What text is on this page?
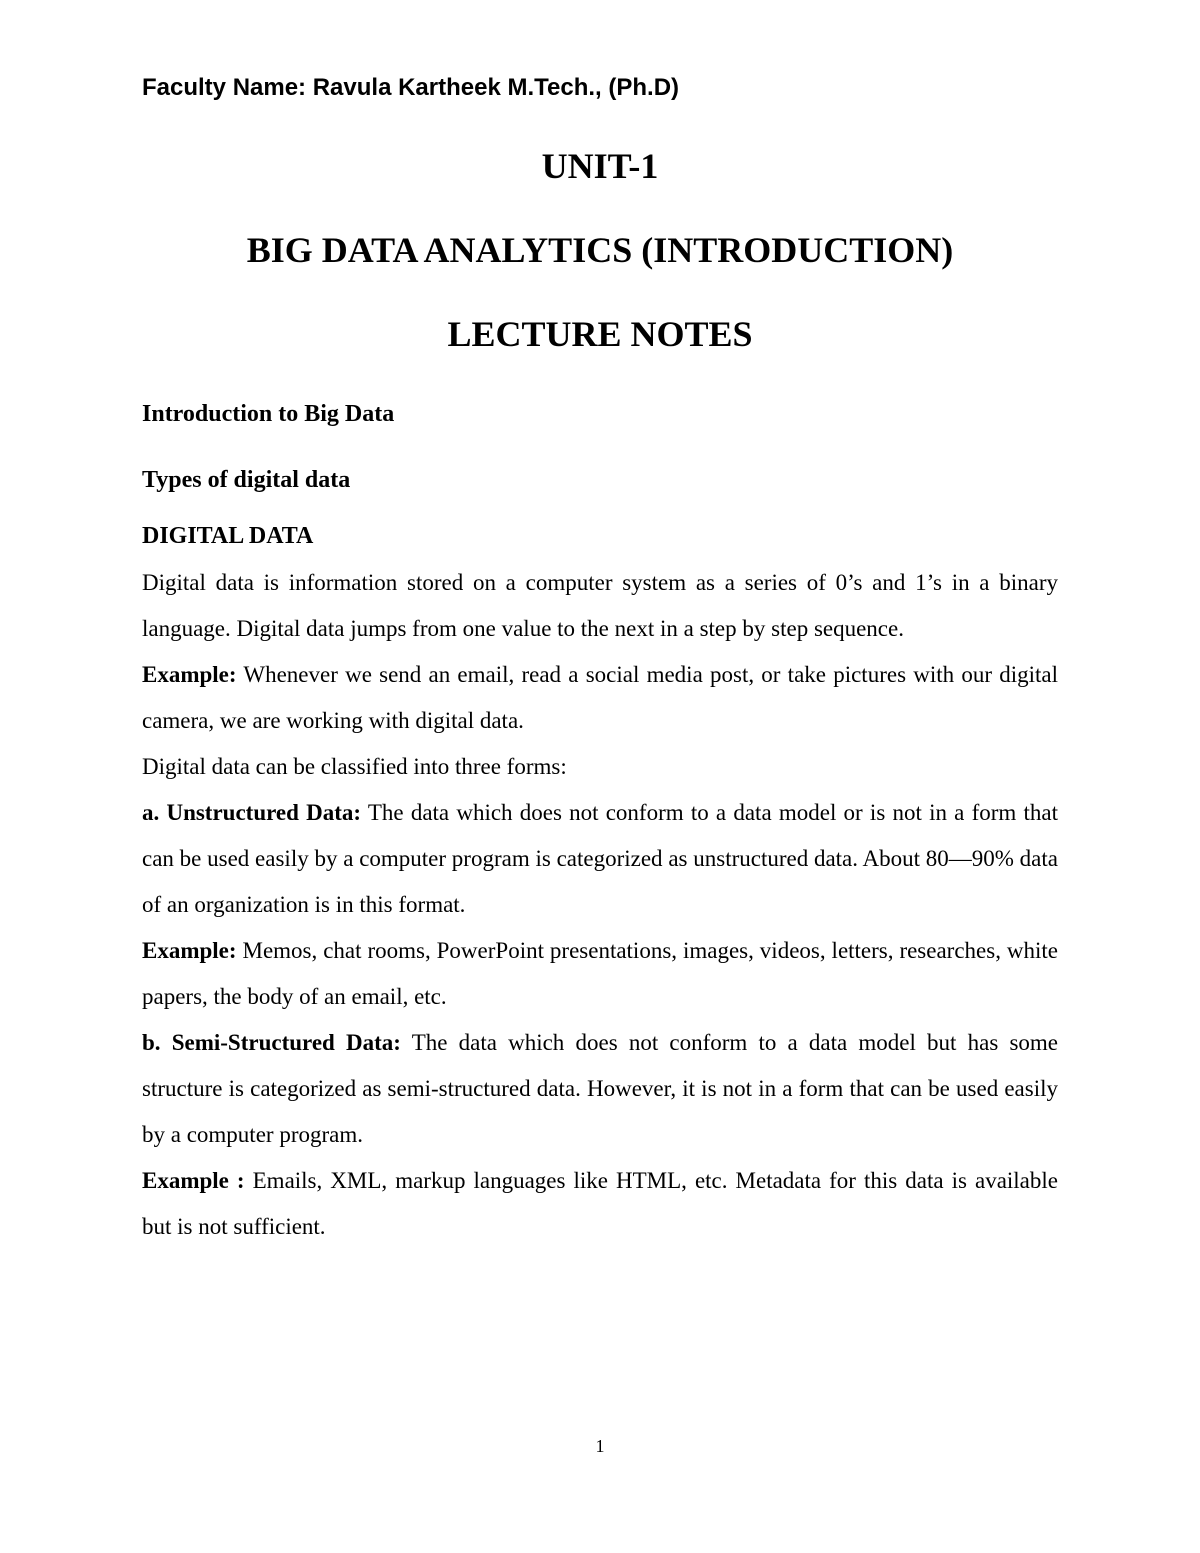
Faculty Name: Ravula Kartheek M.Tech., (Ph.D)
UNIT-1
BIG DATA ANALYTICS (INTRODUCTION)
LECTURE NOTES
Introduction to Big Data
Types of digital data
DIGITAL DATA

Digital data is information stored on a computer system as a series of 0’s and 1’s in a binary language. Digital data jumps from one value to the next in a step by step sequence.

Example: Whenever we send an email, read a social media post, or take pictures with our digital camera, we are working with digital data.

Digital data can be classified into three forms:

a. Unstructured Data: The data which does not conform to a data model or is not in a form that can be used easily by a computer program is categorized as unstructured data. About 80—90% data of an organization is in this format.

Example: Memos, chat rooms, PowerPoint presentations, images, videos, letters, researches, white papers, the body of an email, etc.

b. Semi-Structured Data: The data which does not conform to a data model but has some structure is categorized as semi-structured data. However, it is not in a form that can be used easily by a computer program.

Example : Emails, XML, markup languages like HTML, etc. Metadata for this data is available but is not sufficient.

1
